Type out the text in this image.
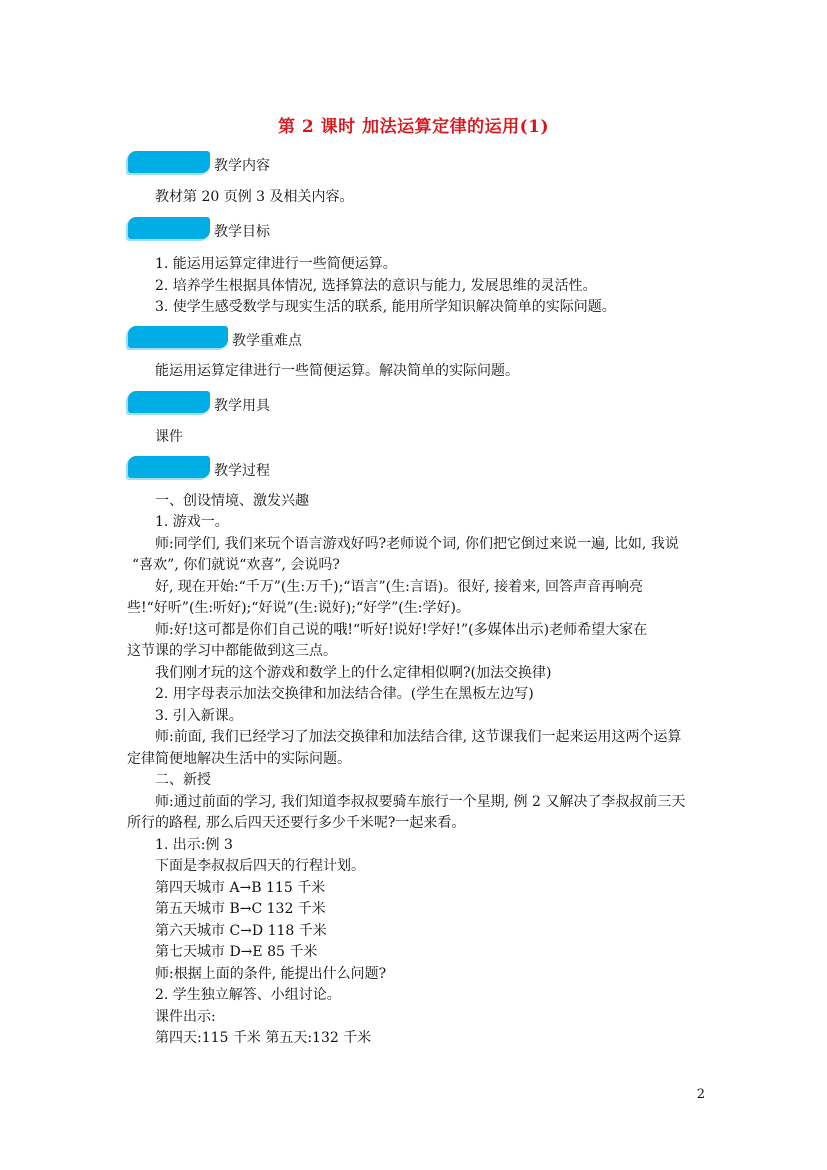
第 2 课时 加法运算定律的运用(1)
教学内容
教材第 20 页例 3 及相关内容。
教学目标
1. 能运用运算定律进行一些简便运算。
2. 培养学生根据具体情况, 选择算法的意识与能力, 发展思维的灵活性。
3. 使学生感受数学与现实生活的联系, 能用所学知识解决简单的实际问题。
教学重难点
能运用运算定律进行一些简便运算。解决简单的实际问题。
教学用具
课件
教学过程
一、创设情境、激发兴趣
1. 游戏一。
师:同学们, 我们来玩个语言游戏好吗?老师说个词, 你们把它倒过来说一遍, 比如, 我说
“喜欢”, 你们就说“欢喜”, 会说吗?
好, 现在开始:“千万”(生:万千);“语言”(生:言语)。很好, 接着来, 回答声音再响亮
些!“好听”(生:听好);“好说”(生:说好);“好学”(生:学好)。
师:好!这可都是你们自己说的哦!“听好!说好!学好!”(多媒体出示)老师希望大家在
这节课的学习中都能做到这三点。
我们刚才玩的这个游戏和数学上的什么定律相似啊?(加法交换律)
2. 用字母表示加法交换律和加法结合律。(学生在黑板左边写)
3. 引入新课。
师:前面, 我们已经学习了加法交换律和加法结合律, 这节课我们一起来运用这两个运算
定律简便地解决生活中的实际问题。
二、新授
师:通过前面的学习, 我们知道李叔叔要骑车旅行一个星期, 例 2 又解决了李叔叔前三天
所行的路程, 那么后四天还要行多少千米呢?一起来看。
1. 出示:例 3
下面是李叔叔后四天的行程计划。
第四天城市 A→B 115 千米
第五天城市 B→C 132 千米
第六天城市 C→D 118 千米
第七天城市 D→E 85 千米
师:根据上面的条件, 能提出什么问题?
2. 学生独立解答、小组讨论。
课件出示:
第四天:115 千米 第五天:132 千米
2
